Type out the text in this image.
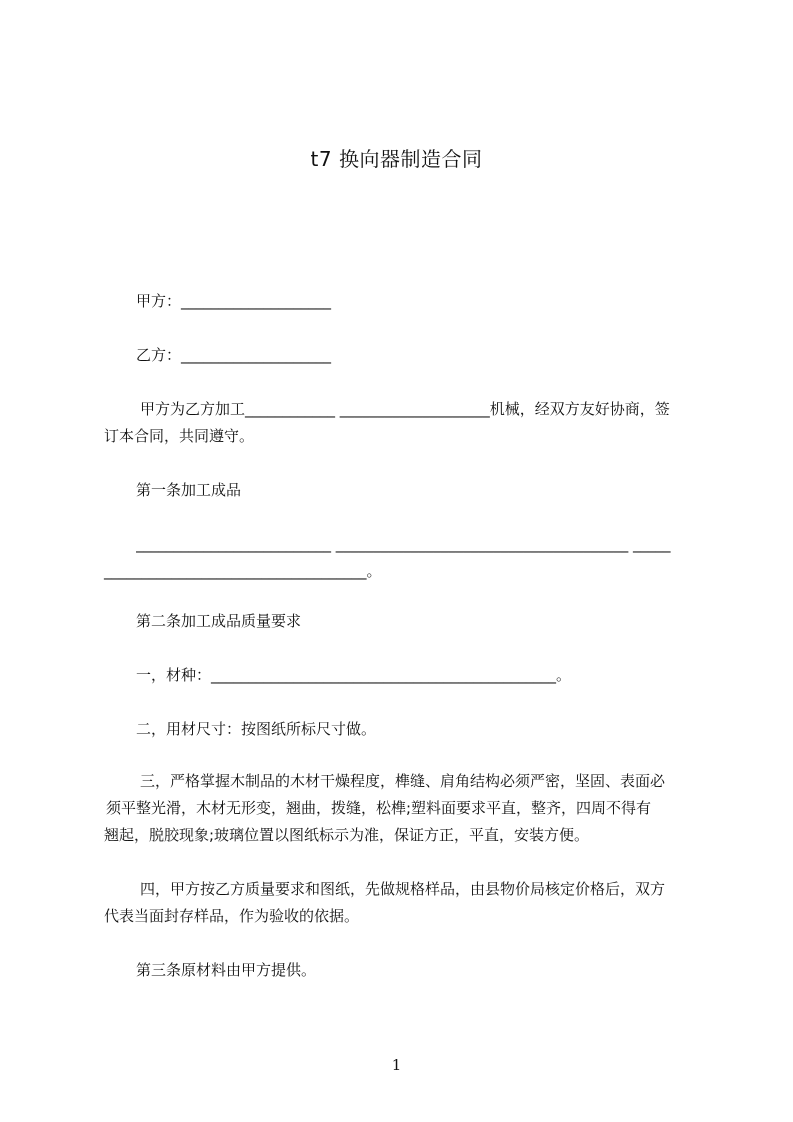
t7 换向器制造合同
甲方：____________________
乙方：____________________
甲方为乙方加工____________ ____________________机械，经双方友好协商，签
订本合同，共同遵守。
第一条加工成品
__________________________ _______________________________________ _____
___________________________________。
第二条加工成品质量要求
一，材种：______________________________________________。
二，用材尺寸：按图纸所标尺寸做。
三，严格掌握木制品的木材干燥程度，榫缝、肩角结构必须严密，坚固、表面必
须平整光滑，木材无形变，翘曲，拨缝，松榫;塑料面要求平直，整齐，四周不得有
翘起，脱胶现象;玻璃位置以图纸标示为准，保证方正，平直，安装方便。
四，甲方按乙方质量要求和图纸，先做规格样品，由县物价局核定价格后，双方
代表当面封存样品，作为验收的依据。
第三条原材料由甲方提供。
1
